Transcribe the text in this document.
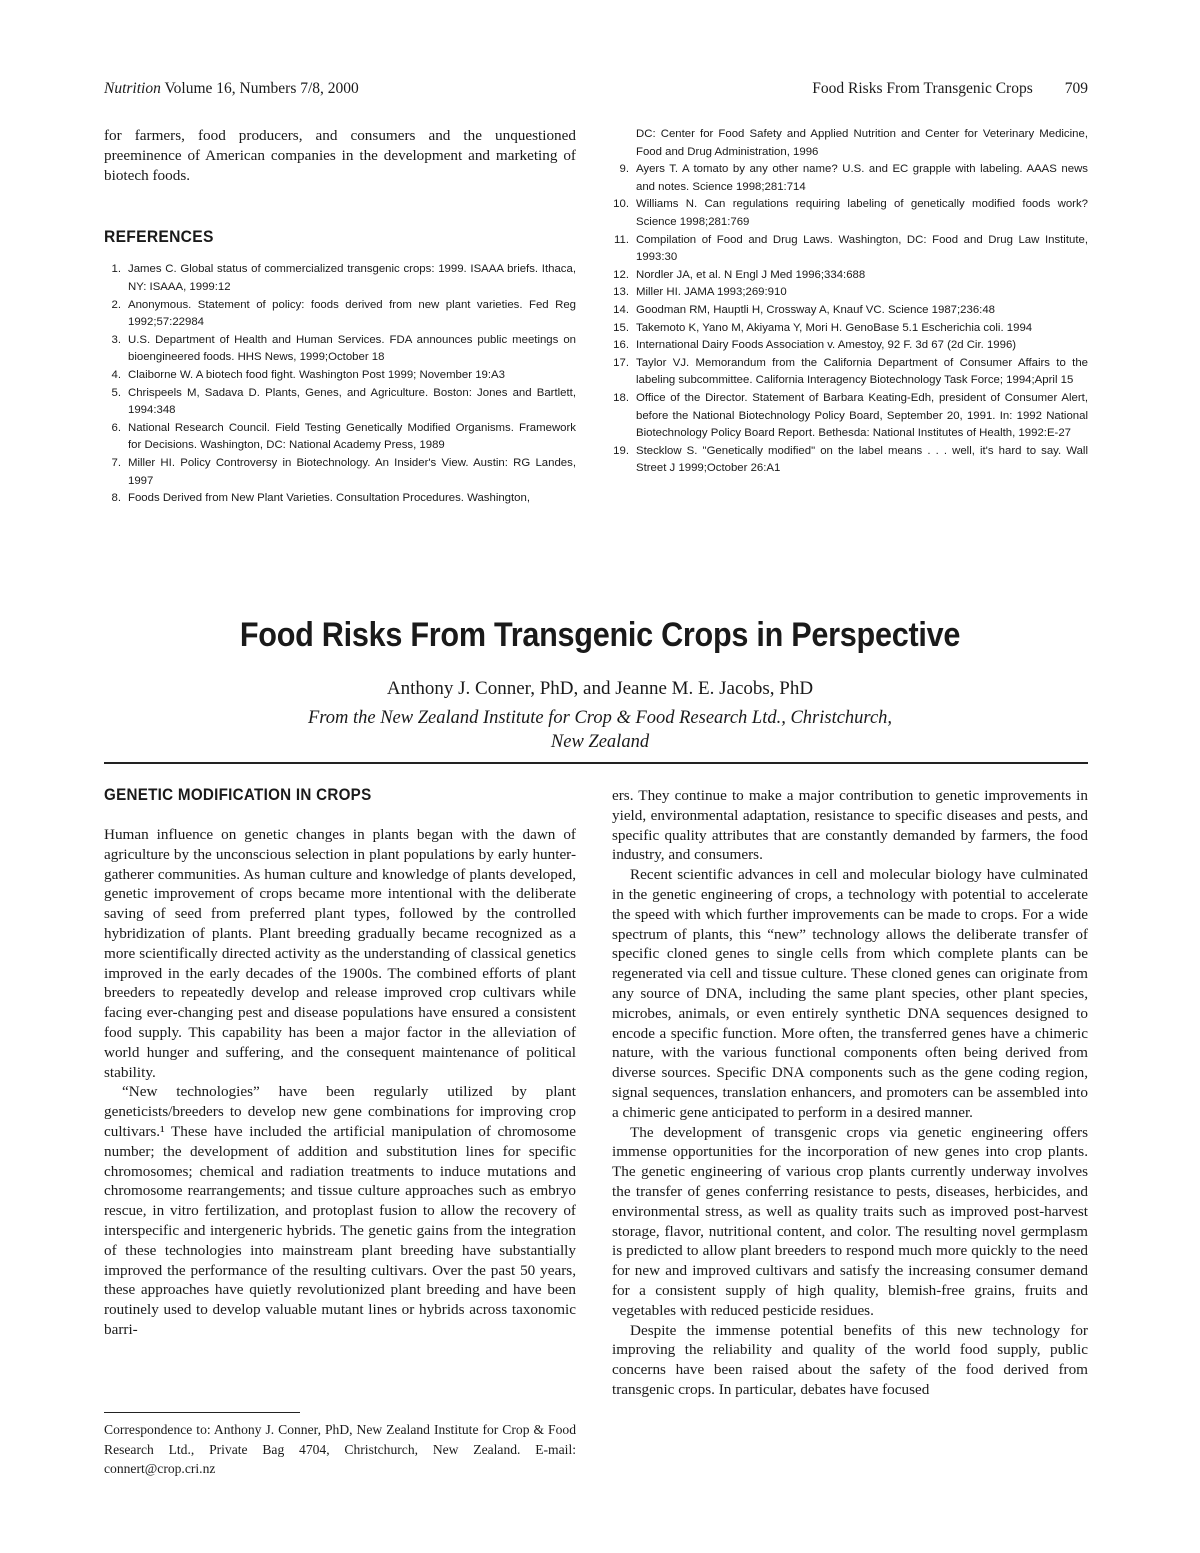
Nutrition Volume 16, Numbers 7/8, 2000	Food Risks From Transgenic Crops 709

for farmers, food producers, and consumers and the unquestioned preeminence of American companies in the development and marketing of biotech foods.

REFERENCES
1. James C. Global status of commercialized transgenic crops: 1999. ISAAA briefs. Ithaca, NY: ISAAA, 1999:12
2. Anonymous. Statement of policy: foods derived from new plant varieties. Fed Reg 1992;57:22984
3. U.S. Department of Health and Human Services. FDA announces public meetings on bioengineered foods. HHS News, 1999;October 18
4. Claiborne W. A biotech food fight. Washington Post 1999; November 19:A3
5. Chrispeels M, Sadava D. Plants, Genes, and Agriculture. Boston: Jones and Bartlett, 1994:348
6. National Research Council. Field Testing Genetically Modified Organisms. Framework for Decisions. Washington, DC: National Academy Press, 1989
7. Miller HI. Policy Controversy in Biotechnology. An Insider's View. Austin: RG Landes, 1997
8. Foods Derived from New Plant Varieties. Consultation Procedures. Washington,
DC: Center for Food Safety and Applied Nutrition and Center for Veterinary Medicine, Food and Drug Administration, 1996
9. Ayers T. A tomato by any other name? U.S. and EC grapple with labeling. AAAS news and notes. Science 1998;281:714
10. Williams N. Can regulations requiring labeling of genetically modified foods work? Science 1998;281:769
11. Compilation of Food and Drug Laws. Washington, DC: Food and Drug Law Institute, 1993:30
12. Nordler JA, et al. N Engl J Med 1996;334:688
13. Miller HI. JAMA 1993;269:910
14. Goodman RM, Hauptli H, Crossway A, Knauf VC. Science 1987;236:48
15. Takemoto K, Yano M, Akiyama Y, Mori H. GenoBase 5.1 Escherichia coli. 1994
16. International Dairy Foods Association v. Amestoy, 92 F. 3d 67 (2d Cir. 1996)
17. Taylor VJ. Memorandum from the California Department of Consumer Affairs to the labeling subcommittee. California Interagency Biotechnology Task Force; 1994;April 15
18. Office of the Director. Statement of Barbara Keating-Edh, president of Consumer Alert, before the National Biotechnology Policy Board, September 20, 1991. In: 1992 National Biotechnology Policy Board Report. Bethesda: National Institutes of Health, 1992:E-27
19. Stecklow S. "Genetically modified" on the label means . . . well, it's hard to say. Wall Street J 1999;October 26:A1
Food Risks From Transgenic Crops in Perspective

Anthony J. Conner, PhD, and Jeanne M. E. Jacobs, PhD

From the New Zealand Institute for Crop & Food Research Ltd., Christchurch,
New Zealand

GENETIC MODIFICATION IN CROPS

Human influence on genetic changes in plants began with the dawn of agriculture by the unconscious selection in plant populations by early hunter-gatherer communities. As human culture and knowledge of plants developed, genetic improvement of crops became more intentional with the deliberate saving of seed from preferred plant types, followed by the controlled hybridization of plants. Plant breeding gradually became recognized as a more scientifically directed activity as the understanding of classical genetics improved in the early decades of the 1900s. The combined efforts of plant breeders to repeatedly develop and release improved crop cultivars while facing ever-changing pest and disease populations have ensured a consistent food supply. This capability has been a major factor in the alleviation of world hunger and suffering, and the consequent maintenance of political stability.

“New technologies” have been regularly utilized by plant geneticists/breeders to develop new gene combinations for improving crop cultivars.¹ These have included the artificial manipulation of chromosome number; the development of addition and substitution lines for specific chromosomes; chemical and radiation treatments to induce mutations and chromosome rearrangements; and tissue culture approaches such as embryo rescue, in vitro fertilization, and protoplast fusion to allow the recovery of interspecific and intergeneric hybrids. The genetic gains from the integration of these technologies into mainstream plant breeding have substantially improved the performance of the resulting cultivars. Over the past 50 years, these approaches have quietly revolutionized plant breeding and have been routinely used to develop valuable mutant lines or hybrids across taxonomic barri-

ers. They continue to make a major contribution to genetic improvements in yield, environmental adaptation, resistance to specific diseases and pests, and specific quality attributes that are constantly demanded by farmers, the food industry, and consumers.

Recent scientific advances in cell and molecular biology have culminated in the genetic engineering of crops, a technology with potential to accelerate the speed with which further improvements can be made to crops. For a wide spectrum of plants, this “new” technology allows the deliberate transfer of specific cloned genes to single cells from which complete plants can be regenerated via cell and tissue culture. These cloned genes can originate from any source of DNA, including the same plant species, other plant species, microbes, animals, or even entirely synthetic DNA sequences designed to encode a specific function. More often, the transferred genes have a chimeric nature, with the various functional components often being derived from diverse sources. Specific DNA components such as the gene coding region, signal sequences, translation enhancers, and promoters can be assembled into a chimeric gene anticipated to perform in a desired manner.

The development of transgenic crops via genetic engineering offers immense opportunities for the incorporation of new genes into crop plants. The genetic engineering of various crop plants currently underway involves the transfer of genes conferring resistance to pests, diseases, herbicides, and environmental stress, as well as quality traits such as improved post-harvest storage, flavor, nutritional content, and color. The resulting novel germplasm is predicted to allow plant breeders to respond much more quickly to the need for new and improved cultivars and satisfy the increasing consumer demand for a consistent supply of high quality, blemish-free grains, fruits and vegetables with reduced pesticide residues.

Despite the immense potential benefits of this new technology for improving the reliability and quality of the world food supply, public concerns have been raised about the safety of the food derived from transgenic crops. In particular, debates have focused

Correspondence to: Anthony J. Conner, PhD, New Zealand Institute for Crop & Food Research Ltd., Private Bag 4704, Christchurch, New Zealand. E-mail: connert@crop.cri.nz
